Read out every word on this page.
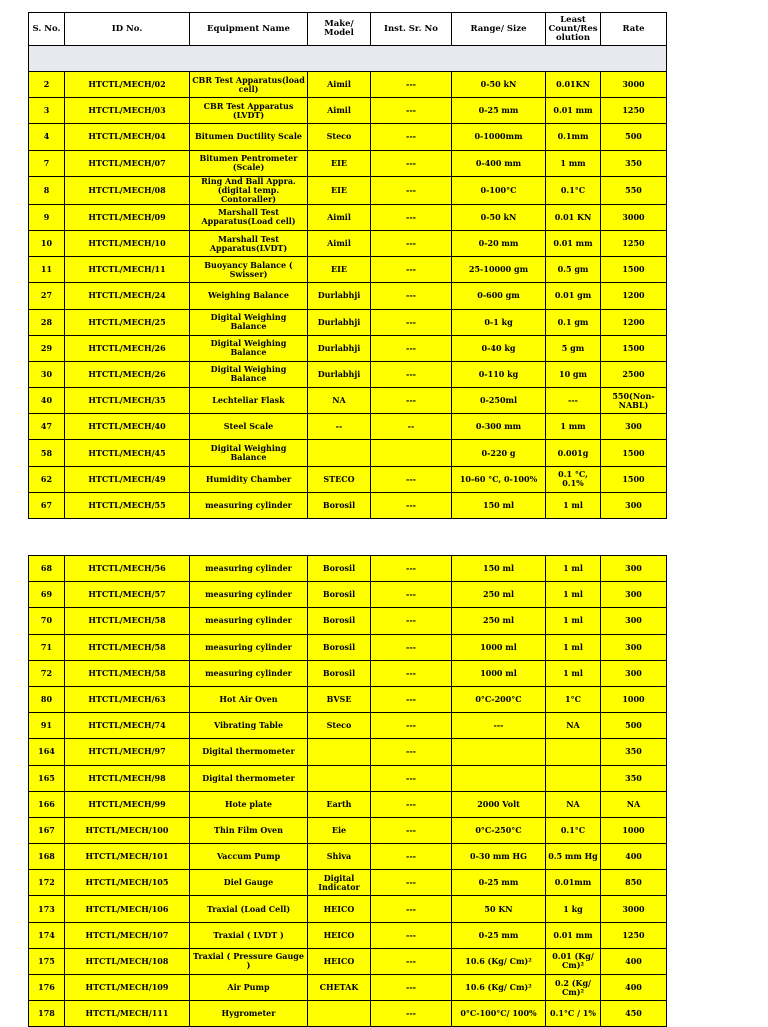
S. No.	ID No.	Equipment Name	Make/ Model	Inst. Sr. No	Range/ Size	Least Count/Res olution	Rate

2	HTCTL/MECH/02	CBR Test Apparatus(load cell)	Aimil	---	0-50 kN	0.01KN	3000
3	HTCTL/MECH/03	CBR Test Apparatus (LVDT)	Aimil	---	0-25 mm	0.01 mm	1250
4	HTCTL/MECH/04	Bitumen Ductility Scale	Steco	---	0-1000mm	0.1mm	500
7	HTCTL/MECH/07	Bitumen Pentrometer (Scale)	EIE	---	0-400 mm	1 mm	350
8	HTCTL/MECH/08	Ring And Ball Appra.(digital temp. Contoraller)	EIE	---	0-100°C	0.1°C	550
9	HTCTL/MECH/09	Marshall Test Apparatus(Load cell)	Aimil	---	0-50 kN	0.01 KN	3000
10	HTCTL/MECH/10	Marshall Test Apparatus(LVDT)	Aimil	---	0-20 mm	0.01 mm	1250
11	HTCTL/MECH/11	Buoyancy Balance ( Swisser)	EIE	---	25-10000 gm	0.5 gm	1500
27	HTCTL/MECH/24	Weighing Balance	Durlabhji	---	0-600 gm	0.01 gm	1200
28	HTCTL/MECH/25	Digital Weighing Balance	Durlabhji	---	0-1 kg	0.1 gm	1200
29	HTCTL/MECH/26	Digital Weighing Balance	Durlabhji	---	0-40 kg	5 gm	1500
30	HTCTL/MECH/26	Digital Weighing Balance	Durlabhji	---	0-110 kg	10 gm	2500
40	HTCTL/MECH/35	Lechteliar Flask	NA	---	0-250ml	---	550(Non-NABL)
47	HTCTL/MECH/40	Steel Scale	--	--	0-300 mm	1 mm	300
58	HTCTL/MECH/45	Digital Weighing Balance			0-220 g	0.001g	1500
62	HTCTL/MECH/49	Humidity Chamber	STECO	---	10-60 °C, 0-100%	0.1 °C, 0.1%	1500
67	HTCTL/MECH/55	measuring cylinder	Borosil	---	150 ml	1 ml	300
68	HTCTL/MECH/56	measuring cylinder	Borosil	---	150 ml	1 ml	300
69	HTCTL/MECH/57	measuring cylinder	Borosil	---	250 ml	1 ml	300
70	HTCTL/MECH/58	measuring cylinder	Borosil	---	250 ml	1 ml	300
71	HTCTL/MECH/58	measuring cylinder	Borosil	---	1000 ml	1 ml	300
72	HTCTL/MECH/58	measuring cylinder	Borosil	---	1000 ml	1 ml	300
80	HTCTL/MECH/63	Hot Air Oven	BVSE	---	0°C-200°C	1°C	1000
91	HTCTL/MECH/74	Vibrating Table	Steco	---	---	NA	500
164	HTCTL/MECH/97	Digital thermometer		---			350
165	HTCTL/MECH/98	Digital thermometer		---			350
166	HTCTL/MECH/99	Hote plate	Earth	---	2000 Volt	NA	NA
167	HTCTL/MECH/100	Thin Film Oven	Eie	---	0°C-250°C	0.1°C	1000
168	HTCTL/MECH/101	Vaccum Pump	Shiva	---	0-30 mm HG	0.5 mm Hg	400
172	HTCTL/MECH/105	Diel Gauge	Digital Indicator	---	0-25 mm	0.01mm	850
173	HTCTL/MECH/106	Traxial (Load Cell)	HEICO	---	50 KN	1 kg	3000
174	HTCTL/MECH/107	Traxial ( LVDT )	HEICO	---	0-25 mm	0.01 mm	1250
175	HTCTL/MECH/108	Traxial ( Pressure Gauge )	HEICO	---	10.6 (Kg/ Cm)²	0.01 (Kg/ Cm)²	400
176	HTCTL/MECH/109	Air Pump	CHETAK	---	10.6 (Kg/ Cm)²	0.2 (Kg/ Cm)²	400
178	HTCTL/MECH/111	Hygrometer		---	0°C-100°C/ 100%	0.1°C / 1%	450
